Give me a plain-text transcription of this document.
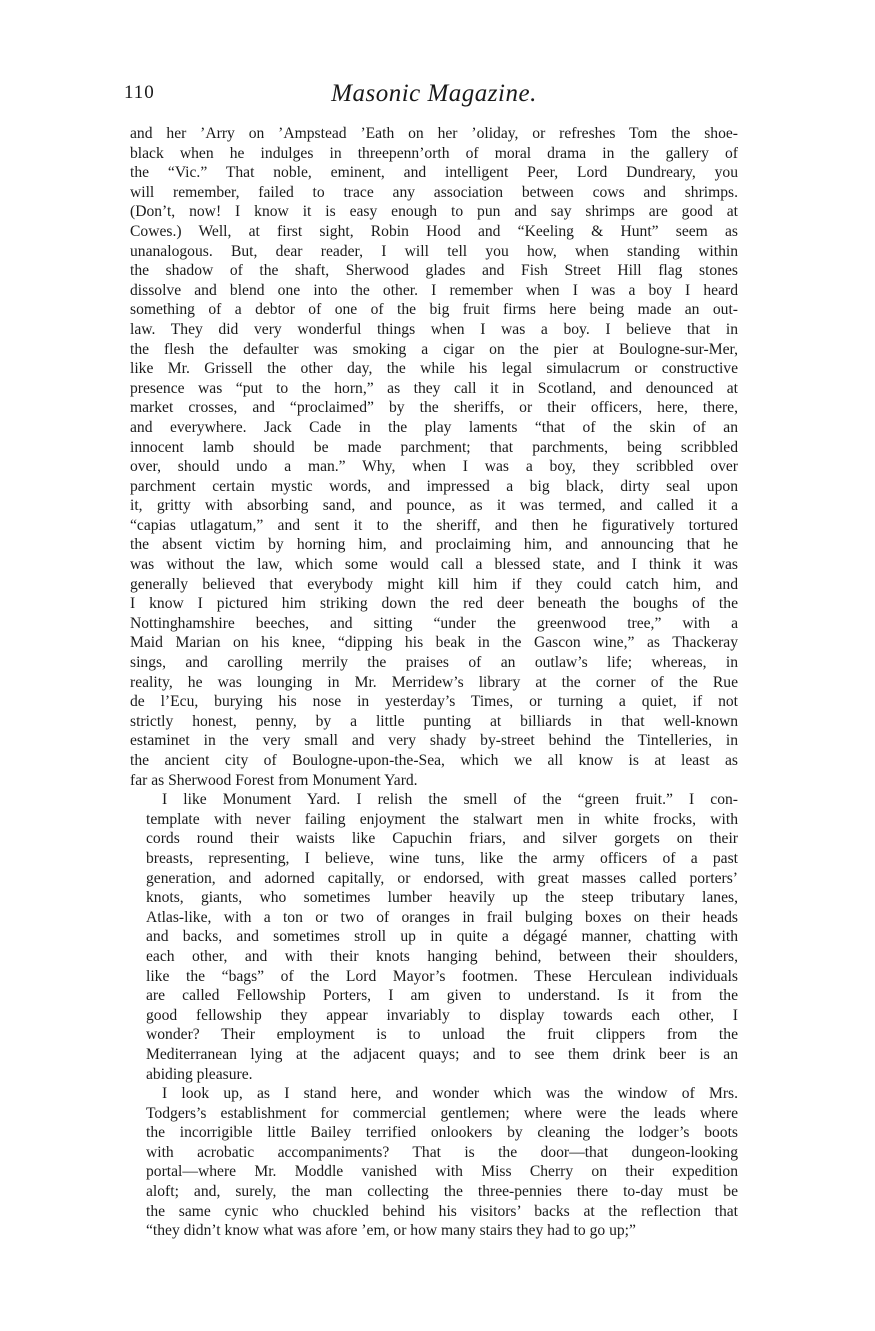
110	Masonic Magazine.
and her ’Arry on ’Ampstead ’Eath on her ’oliday, or refreshes Tom the shoe-
black when he indulges in threepenn’orth of moral drama in the gallery of
the “Vic.” That noble, eminent, and intelligent Peer, Lord Dundreary, you
will remember, failed to trace any association between cows and shrimps.
(Don’t, now! I know it is easy enough to pun and say shrimps are good at
Cowes.) Well, at first sight, Robin Hood and “Keeling & Hunt” seem as
unanalogous. But, dear reader, I will tell you how, when standing within
the shadow of the shaft, Sherwood glades and Fish Street Hill flag stones
dissolve and blend one into the other. I remember when I was a boy I heard
something of a debtor of one of the big fruit firms here being made an out-
law. They did very wonderful things when I was a boy. I believe that in
the flesh the defaulter was smoking a cigar on the pier at Boulogne-sur-Mer,
like Mr. Grissell the other day, the while his legal simulacrum or constructive
presence was “put to the horn,” as they call it in Scotland, and denounced at
market crosses, and “proclaimed” by the sheriffs, or their officers, here, there,
and everywhere. Jack Cade in the play laments “that of the skin of an
innocent lamb should be made parchment; that parchments, being scribbled
over, should undo a man.” Why, when I was a boy, they scribbled over
parchment certain mystic words, and impressed a big black, dirty seal upon
it, gritty with absorbing sand, and pounce, as it was termed, and called it a
“capias utlagatum,” and sent it to the sheriff, and then he figuratively tortured
the absent victim by horning him, and proclaiming him, and announcing that he
was without the law, which some would call a blessed state, and I think it was
generally believed that everybody might kill him if they could catch him, and
I know I pictured him striking down the red deer beneath the boughs of the
Nottinghamshire beeches, and sitting “under the greenwood tree,” with a
Maid Marian on his knee, “dipping his beak in the Gascon wine,” as Thackeray
sings, and carolling merrily the praises of an outlaw’s life; whereas, in
reality, he was lounging in Mr. Merridew’s library at the corner of the Rue
de l’Ecu, burying his nose in yesterday’s Times, or turning a quiet, if not
strictly honest, penny, by a little punting at billiards in that well-known
estaminet in the very small and very shady by-street behind the Tintelleries, in
the ancient city of Boulogne-upon-the-Sea, which we all know is at least as
far as Sherwood Forest from Monument Yard.
I like Monument Yard. I relish the smell of the “green fruit.” I con-
template with never failing enjoyment the stalwart men in white frocks, with
cords round their waists like Capuchin friars, and silver gorgets on their
breasts, representing, I believe, wine tuns, like the army officers of a past
generation, and adorned capitally, or endorsed, with great masses called porters’
knots, giants, who sometimes lumber heavily up the steep tributary lanes,
Atlas-like, with a ton or two of oranges in frail bulging boxes on their heads
and backs, and sometimes stroll up in quite a dégagé manner, chatting with
each other, and with their knots hanging behind, between their shoulders,
like the “bags” of the Lord Mayor’s footmen. These Herculean individuals
are called Fellowship Porters, I am given to understand. Is it from the
good fellowship they appear invariably to display towards each other, I
wonder? Their employment is to unload the fruit clippers from the
Mediterranean lying at the adjacent quays; and to see them drink beer is an
abiding pleasure.
I look up, as I stand here, and wonder which was the window of Mrs.
Todgers’s establishment for commercial gentlemen; where were the leads where
the incorrigible little Bailey terrified onlookers by cleaning the lodger’s boots
with acrobatic accompaniments? That is the door—that dungeon-looking
portal—where Mr. Moddle vanished with Miss Cherry on their expedition
aloft; and, surely, the man collecting the three-pennies there to-day must be
the same cynic who chuckled behind his visitors’ backs at the reflection that
“they didn’t know what was afore ’em, or how many stairs they had to go up;”
